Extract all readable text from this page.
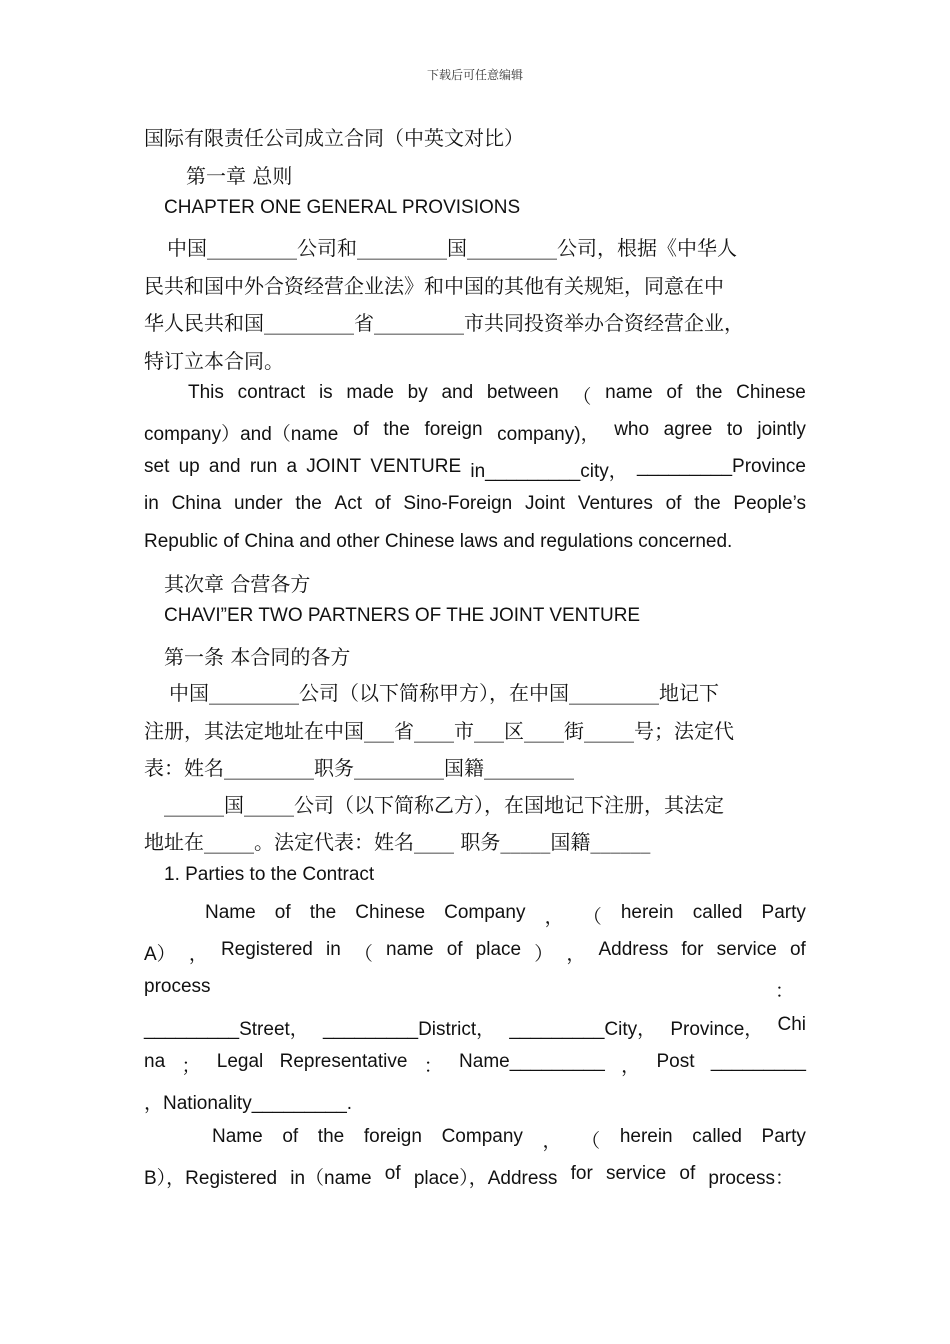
下载后可任意编辑
国际有限责任公司成立合同（中英文对比）
第一章 总则
CHAPTER ONE GENERAL PROVISIONS
中国_________公司和_________国_________公司，根据《中华人
民共和国中外合资经营企业法》和中国的其他有关规矩，同意在中
华人民共和国_________省_________市共同投资举办合资经营企业，
特订立本合同。
This contract is made by and between （ name of the Chinese
company）and（name of the foreign company)， who agree to jointly
set up and run a JOINT VENTURE in_________city， _________Province
in China under the Act of Sino-Foreign Joint Ventures of the People’s
Republic of China and other Chinese laws and regulations concerned.
其次章 合营各方
CHAVI”ER TWO PARTNERS OF THE JOINT VENTURE
第一条 本合同的各方
中国_________公司（以下简称甲方），在中国_________地记下
注册，其法定地址在中国___省____市___区____街_____号；法定代
表：姓名_________职务_________国籍_________
______国_____公司（以下简称乙方），在国地记下注册，其法定
地址在_____。法定代表：姓名____ 职务_____国籍______
1. Parties to the Contract
Name of the Chinese Company ， （ herein called Party
A） ， Registered in （ name of place ） ， Address for service of
process	：
_________Street， _________District， _________City， Province， Chi
na ； Legal Representative ： Name_________ ， Post _________
，Nationality_________.
Name of the foreign Company ， （ herein called Party
B），Registered in（name of place），Address for service of process：
